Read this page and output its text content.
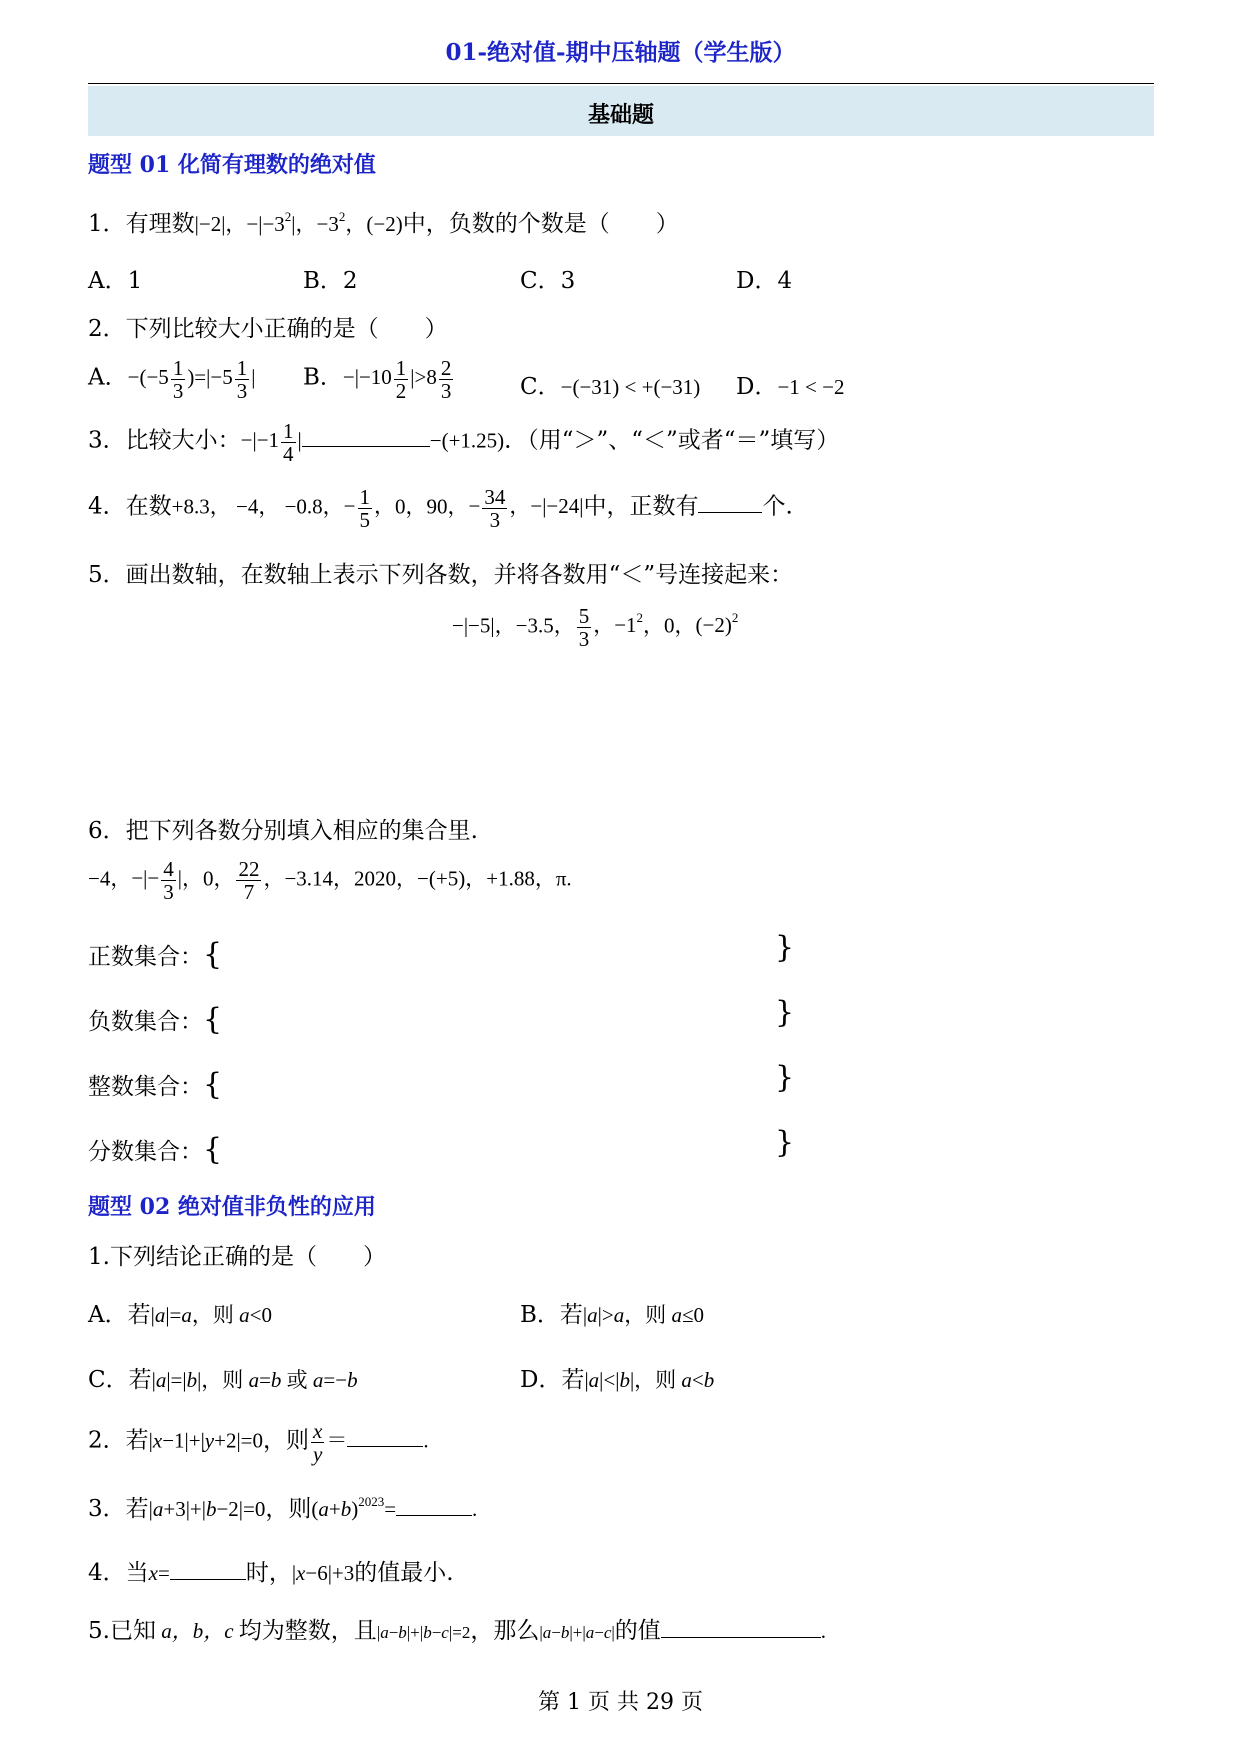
01-绝对值-期中压轴题（学生版）
基础题
题型 01 化简有理数的绝对值
1．有理数|−2|，$-|-3^2|$，$-3^2$，(−2)中，负数的个数是（　　）
A．1	B．2	C．3	D．4
2．下列比较大小正确的是（　　）
A．$-(-5 \frac{1}{3} )=|-5 \frac{1}{3}$ | B．$-|-10 \frac{1}{2} |>8 \frac{2}{3}$	C．−(−31) < +(−31) D．−1 < −2
3．比较大小：$-|-1 \frac{1}{4}$ |	−(+1.25)．（用“＞”、“＜”或者“＝”填写）
4．在数+8.3， −4， −0.8，− $\frac{1}{5}$ ，0，90，− $\frac{34}{3}$ ，−|−24|中，正数有	个.
5．画出数轴，在数轴上表示下列各数，并将各数用“＜”号连接起来：
−|−5|，−3.5， $\frac{5}{3}$ ，$-1^2$，0，$(-2)^2$
6．把下列各数分别填入相应的集合里.
−4，−|− $\frac{4}{3}$ |，0， $\frac{22}{7}$ ，−3.14，2020，−(+5)，+1.88，π.
正数集合：{	}
负数集合：{	}
整数集合：{	}
分数集合：{	}
题型 02 绝对值非负性的应用
1.下列结论正确的是（　　）
A．若|a|=a，则 a<0	B．若|a|>a，则 a≤0
C．若|a|=|b|，则 a=b 或 a=−b	D．若|a|<|b|，则 a<b
2．若|x−1|+|y+2|=0，则 $\frac{x}{y}$ ＝	.
3．若|a+3|+|b−2|=0，则$(a+b)^{2023}=$	.
4．当x=	时，|x−6|+3的值最小.
5.已知 a，b，c 均为整数，且|a−b|+|b−c|=2，那么|a−b|+|a−c|的值	.
第 1 页 共 29 页
